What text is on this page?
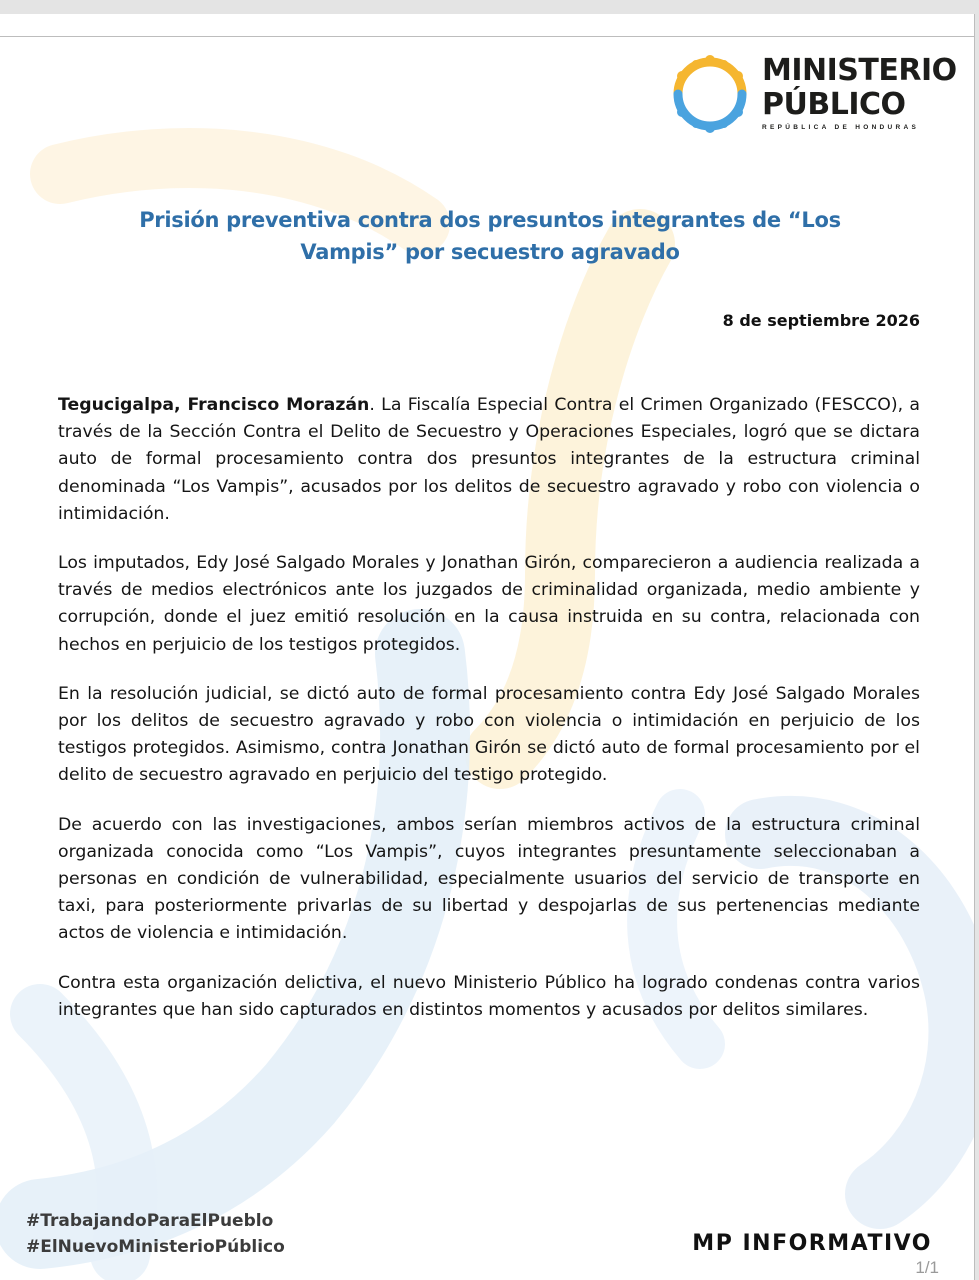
MINISTERIO
PÚBLICO
REPÚBLICA DE HONDURAS
Prisión preventiva contra dos presuntos integrantes de “Los Vampis” por secuestro agravado
8 de septiembre 2026

Tegucigalpa, Francisco Morazán. La Fiscalía Especial Contra el Crimen Organizado (FESCCO), a través de la Sección Contra el Delito de Secuestro y Operaciones Especiales, logró que se dictara auto de formal procesamiento contra dos presuntos integrantes de la estructura criminal denominada “Los Vampis”, acusados por los delitos de secuestro agravado y robo con violencia o intimidación.

Los imputados, Edy José Salgado Morales y Jonathan Girón, comparecieron a audiencia realizada a través de medios electrónicos ante los juzgados de criminalidad organizada, medio ambiente y corrupción, donde el juez emitió resolución en la causa instruida en su contra, relacionada con hechos en perjuicio de los testigos protegidos.

En la resolución judicial, se dictó auto de formal procesamiento contra Edy José Salgado Morales por los delitos de secuestro agravado y robo con violencia o intimidación en perjuicio de los testigos protegidos. Asimismo, contra Jonathan Girón se dictó auto de formal procesamiento por el delito de secuestro agravado en perjuicio del testigo protegido.

De acuerdo con las investigaciones, ambos serían miembros activos de la estructura criminal organizada conocida como “Los Vampis”, cuyos integrantes presuntamente seleccionaban a personas en condición de vulnerabilidad, especialmente usuarios del servicio de transporte en taxi, para posteriormente privarlas de su libertad y despojarlas de sus pertenencias mediante actos de violencia e intimidación.

Contra esta organización delictiva, el nuevo Ministerio Público ha logrado condenas contra varios integrantes que han sido capturados en distintos momentos y acusados por delitos similares.

#TrabajandoParaElPueblo
#ElNuevoMinisterioPúblico	MP INFORMATIVO
1/1
